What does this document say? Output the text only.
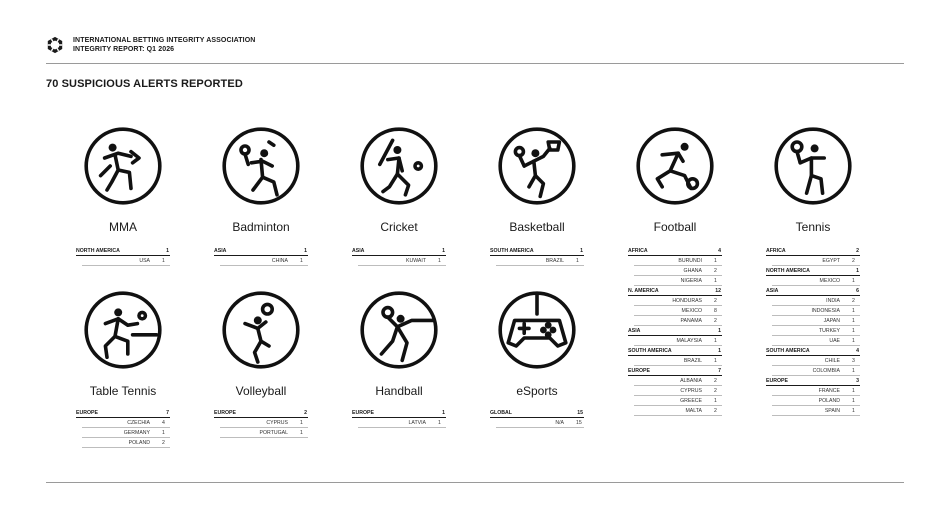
INTERNATIONAL BETTING INTEGRITY ASSOCIATION
INTEGRITY REPORT: Q1 2026
70 SUSPICIOUS ALERTS REPORTED
MMA
NORTH AMERICA	1
USA	1
Badminton
ASIA	1
CHINA	1
Cricket
ASIA	1
KUWAIT	1
Basketball
SOUTH AMERICA	1
BRAZIL	1
Football
AFRICA	4
BURUNDI	1
GHANA	2
NIGERIA	1
N. AMERICA	12
HONDURAS	2
MEXICO	8
PANAMA	2
ASIA	1
MALAYSIA	1
SOUTH AMERICA	1
BRAZIL	1
EUROPE	7
ALBANIA	2
CYPRUS	2
GREECE	1
MALTA	2
Tennis
AFRICA	2
EGYPT	2
NORTH AMERICA	1
MEXICO	1
ASIA	6
INDIA	2
INDONESIA	1
JAPAN	1
TURKEY	1
UAE	1
SOUTH AMERICA	4
CHILE	3
COLOMBIA	1
EUROPE	3
FRANCE	1
POLAND	1
SPAIN	1
Table Tennis
EUROPE	7
CZECHIA	4
GERMANY	1
POLAND	2
Volleyball
EUROPE	2
CYPRUS	1
PORTUGAL	1
Handball
EUROPE	1
LATVIA	1
eSports
GLOBAL	15
N/A	15
